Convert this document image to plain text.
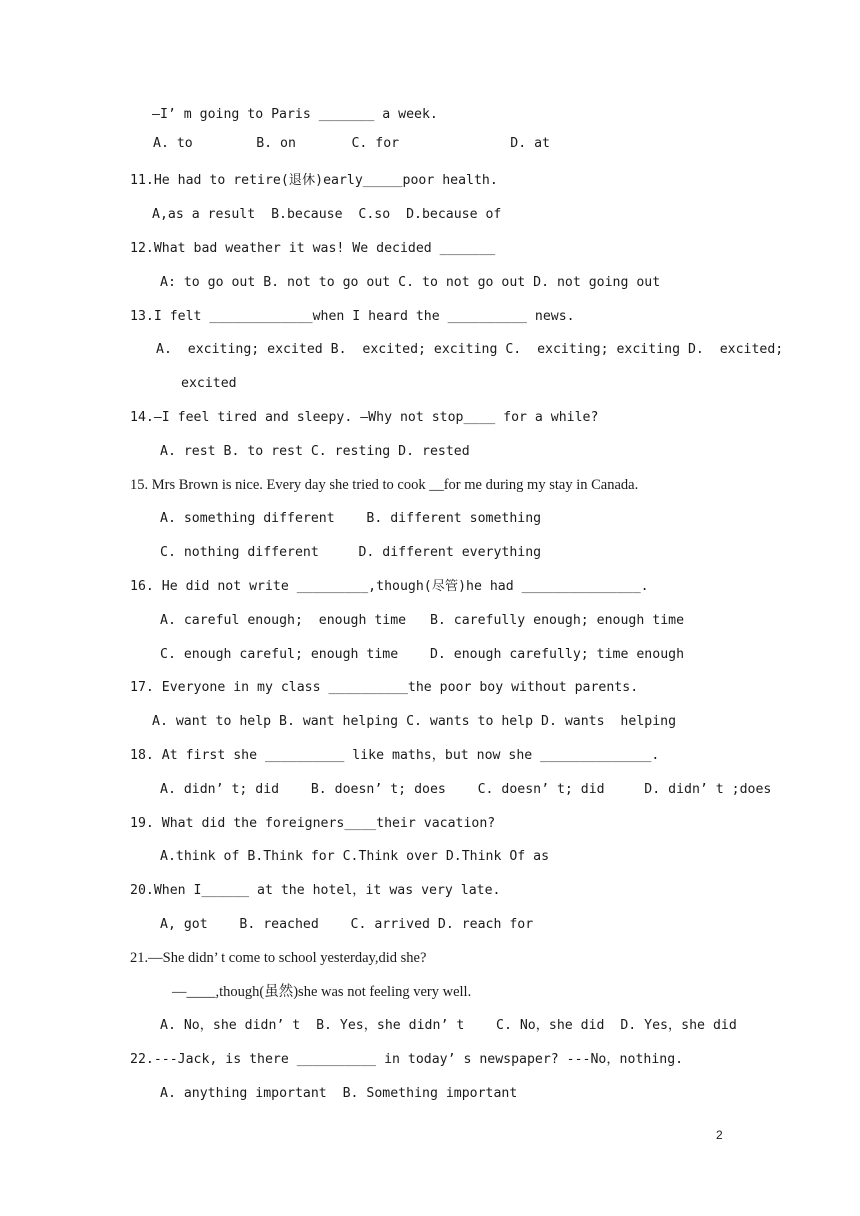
—I’ m going to Paris _______ a week.
A. to        B. on       C. for              D. at
11.He had to retire(退休)early_____poor health.
A,as a result  B.because  C.so  D.because of
12.What bad weather it was! We decided _______
A: to go out B. not to go out C. to not go out D. not going out
13.I felt _____________when I heard the __________ news.
A.  exciting; excited B.  excited; exciting C.  exciting; exciting D.  excited;
excited
14.—I feel tired and sleepy. —Why not stop____ for a while?
A. rest B. to rest C. resting D. rested
15. Mrs Brown is nice. Every day she tried to cook __for me during my stay in Canada.
A. something different    B. different something
C. nothing different     D. different everything
16. He did not write _________,though(尽管)he had _______________.
A. careful enough;  enough time   B. carefully enough; enough time
C. enough careful; enough time    D. enough carefully; time enough
17. Everyone in my class __________the poor boy without parents.
A. want to help B. want helping C. wants to help D. wants  helping
18. At first she __________ like maths，but now she ______________.
A. didn’ t; did    B. doesn’ t; does    C. doesn’ t; did     D. didn’ t ;does
19. What did the foreigners____their vacation?
A.think of B.Think for C.Think over D.Think Of as
20.When I______ at the hotel，it was very late.
A, got    B. reached    C. arrived D. reach for
21.—She didn’ t come to school yesterday,did she?
—____,though(虽然)she was not feeling very well.
A. No，she didn’ t  B. Yes，she didn’ t    C. No，she did  D. Yes，she did
22.---Jack, is there __________ in today’ s newspaper? ---No，nothing.
A. anything important  B. Something important
2
